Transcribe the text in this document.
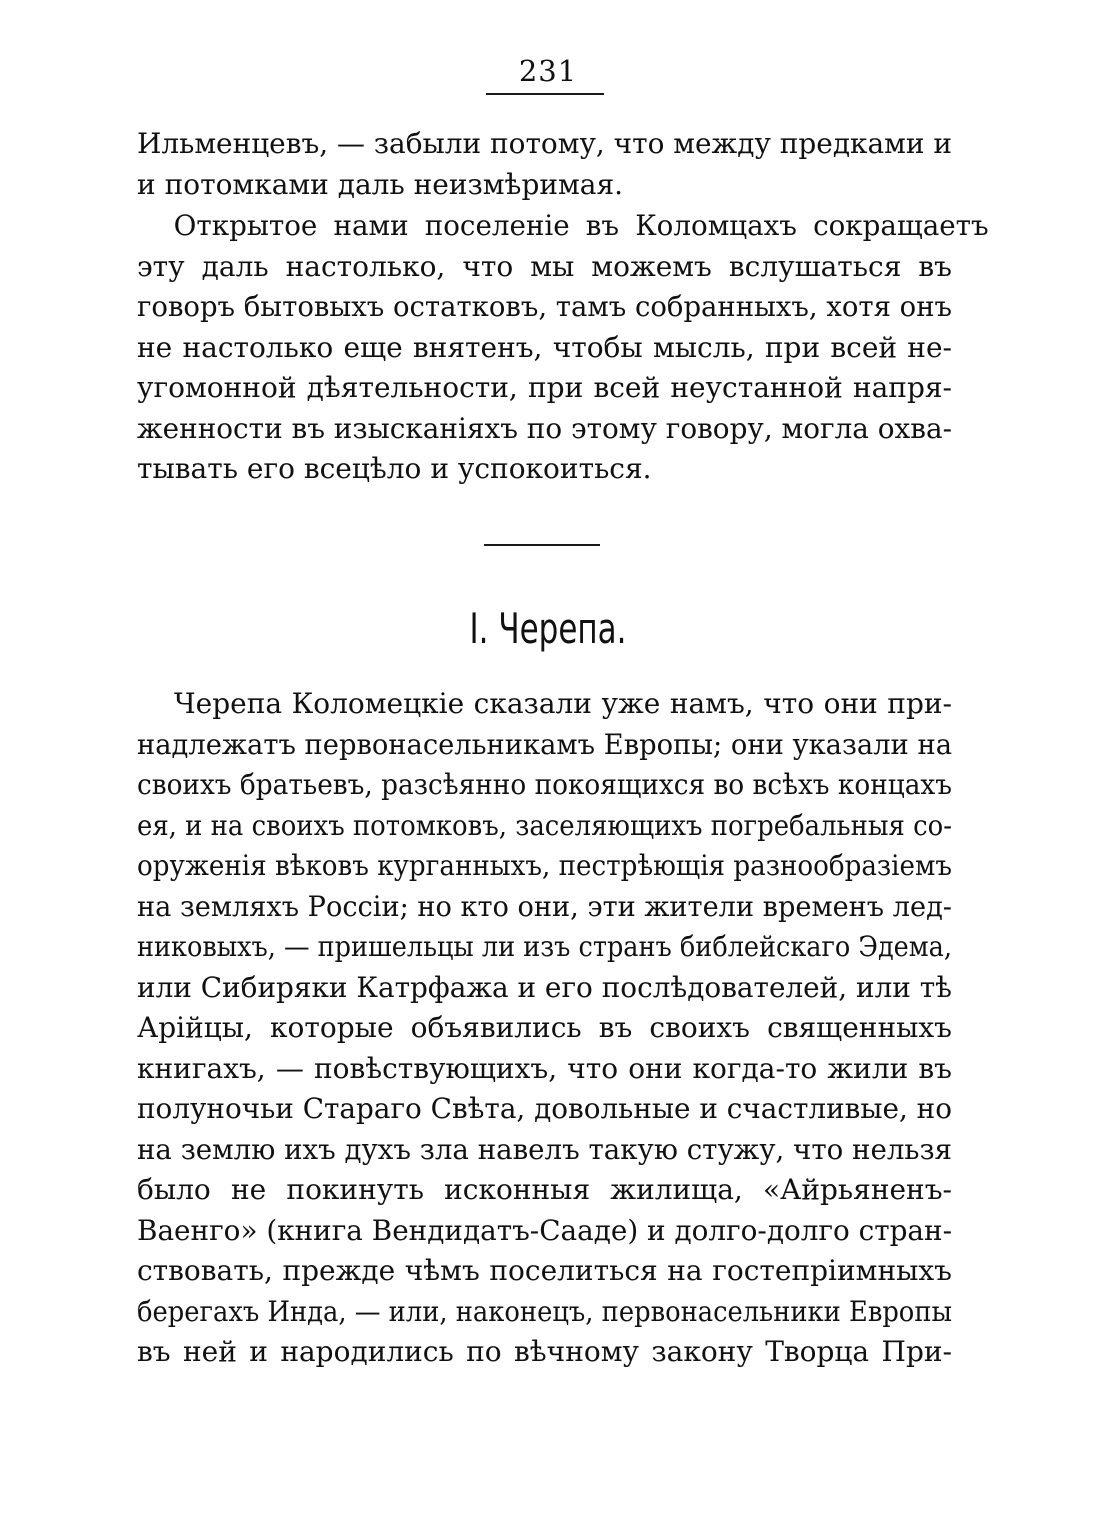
231
Ильменцевъ, — забыли потому, что между предками и
и потомками даль неизмѣримая.
Открытое нами поселенiе въ Коломцахъ сокращаетъ
эту даль настолько, что мы можемъ вслушаться въ
говоръ бытовыхъ остатковъ, тамъ собранныхъ, хотя онъ
не настолько еще внятенъ, чтобы мысль, при всей не-
угомонной дѣятельности, при всей неустанной напря-
женности въ изысканiяхъ по этому говору, могла охва-
тывать его всецѣло и успокоиться.
I. Черепа.
Черепа Коломецкiе сказали уже намъ, что они при-
надлежатъ первонасельникамъ Европы; они указали на
своихъ братьевъ, разсѣянно покоящихся во всѣхъ концахъ
ея, и на своихъ потомковъ, заселяющихъ погребальныя со-
оруженiя вѣковъ курганныхъ, пестрѣющiя разнообразiемъ
на земляхъ Россiи; но кто они, эти жители временъ лед-
никовыхъ, — пришельцы ли изъ странъ библейскаго Эдема,
или Сибиряки Катрфажа и его послѣдователей, или тѣ
Арiйцы, которые объявились въ своихъ священныхъ
книгахъ, — повѣствующихъ, что они когда-то жили въ
полуночьи Стараго Свѣта, довольные и счастливые, но
на землю ихъ духъ зла навелъ такую стужу, что нельзя
было не покинуть исконныя жилища, «Айрьяненъ-
Ваенго» (книга Вендидатъ-Сааде) и долго-долго стран-
ствовать, прежде чѣмъ поселиться на гостепрiимныхъ
берегахъ Инда, — или, наконецъ, первонасельники Европы
въ ней и народились по вѣчному закону Творца При-
